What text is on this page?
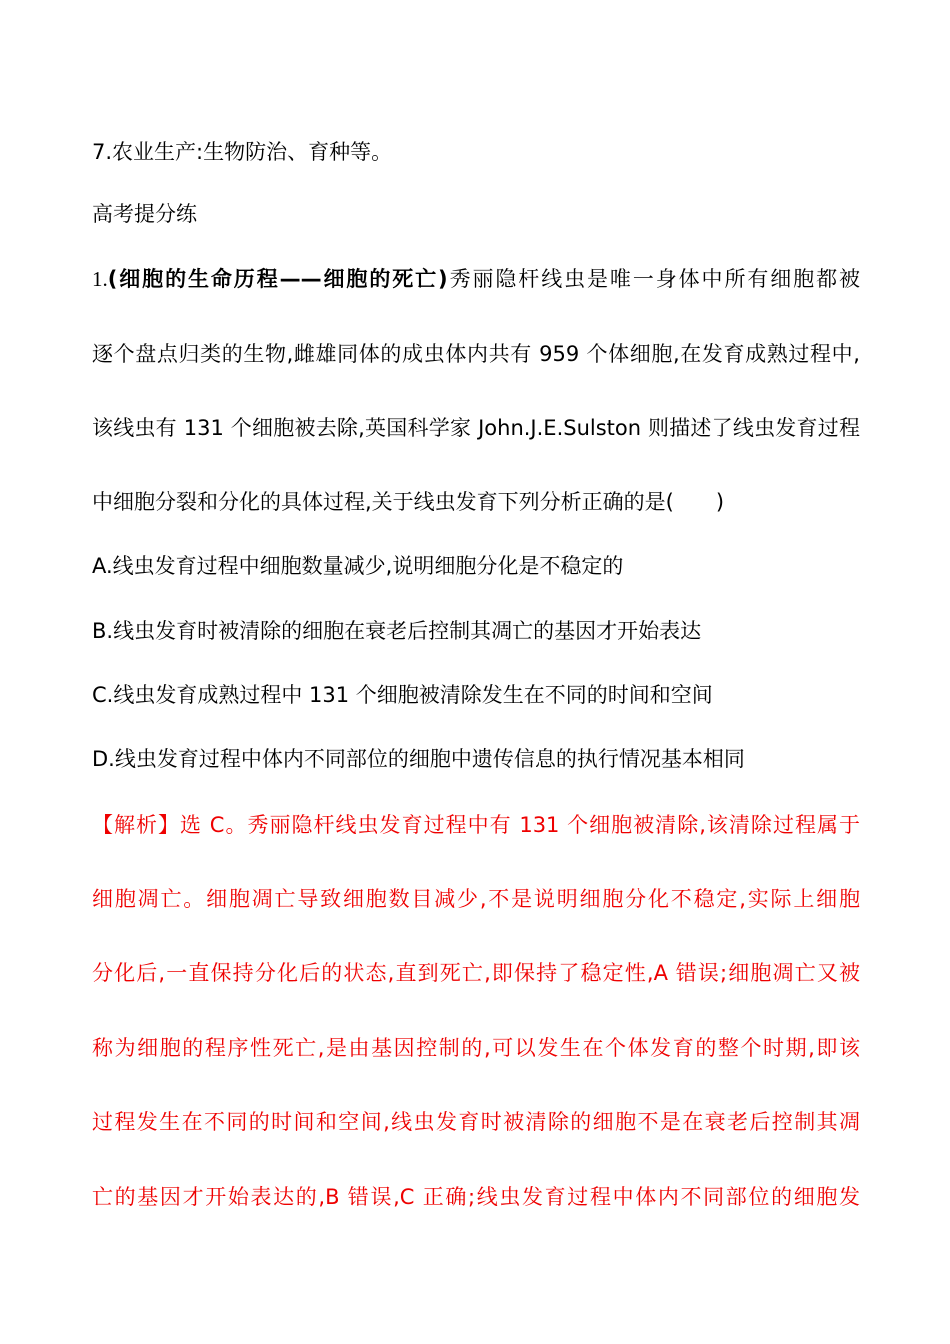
7.农业生产:生物防治、育种等。
高考提分练
1.(细胞的生命历程——细胞的死亡)秀丽隐杆线虫是唯一身体中所有细胞都被
逐个盘点归类的生物,雌雄同体的成虫体内共有 959 个体细胞,在发育成熟过程中,
该线虫有 131 个细胞被去除,英国科学家 John.J.E.Sulston 则描述了线虫发育过程
中细胞分裂和分化的具体过程,关于线虫发育下列分析正确的是(　　)
A.线虫发育过程中细胞数量减少,说明细胞分化是不稳定的
B.线虫发育时被清除的细胞在衰老后控制其凋亡的基因才开始表达
C.线虫发育成熟过程中 131 个细胞被清除发生在不同的时间和空间
D.线虫发育过程中体内不同部位的细胞中遗传信息的执行情况基本相同
【解析】选 C。秀丽隐杆线虫发育过程中有 131 个细胞被清除,该清除过程属于
细胞凋亡。细胞凋亡导致细胞数目减少,不是说明细胞分化不稳定,实际上细胞
分化后,一直保持分化后的状态,直到死亡,即保持了稳定性,A 错误;细胞凋亡又被
称为细胞的程序性死亡,是由基因控制的,可以发生在个体发育的整个时期,即该
过程发生在不同的时间和空间,线虫发育时被清除的细胞不是在衰老后控制其凋
亡的基因才开始表达的,B 错误,C 正确;线虫发育过程中体内不同部位的细胞发
